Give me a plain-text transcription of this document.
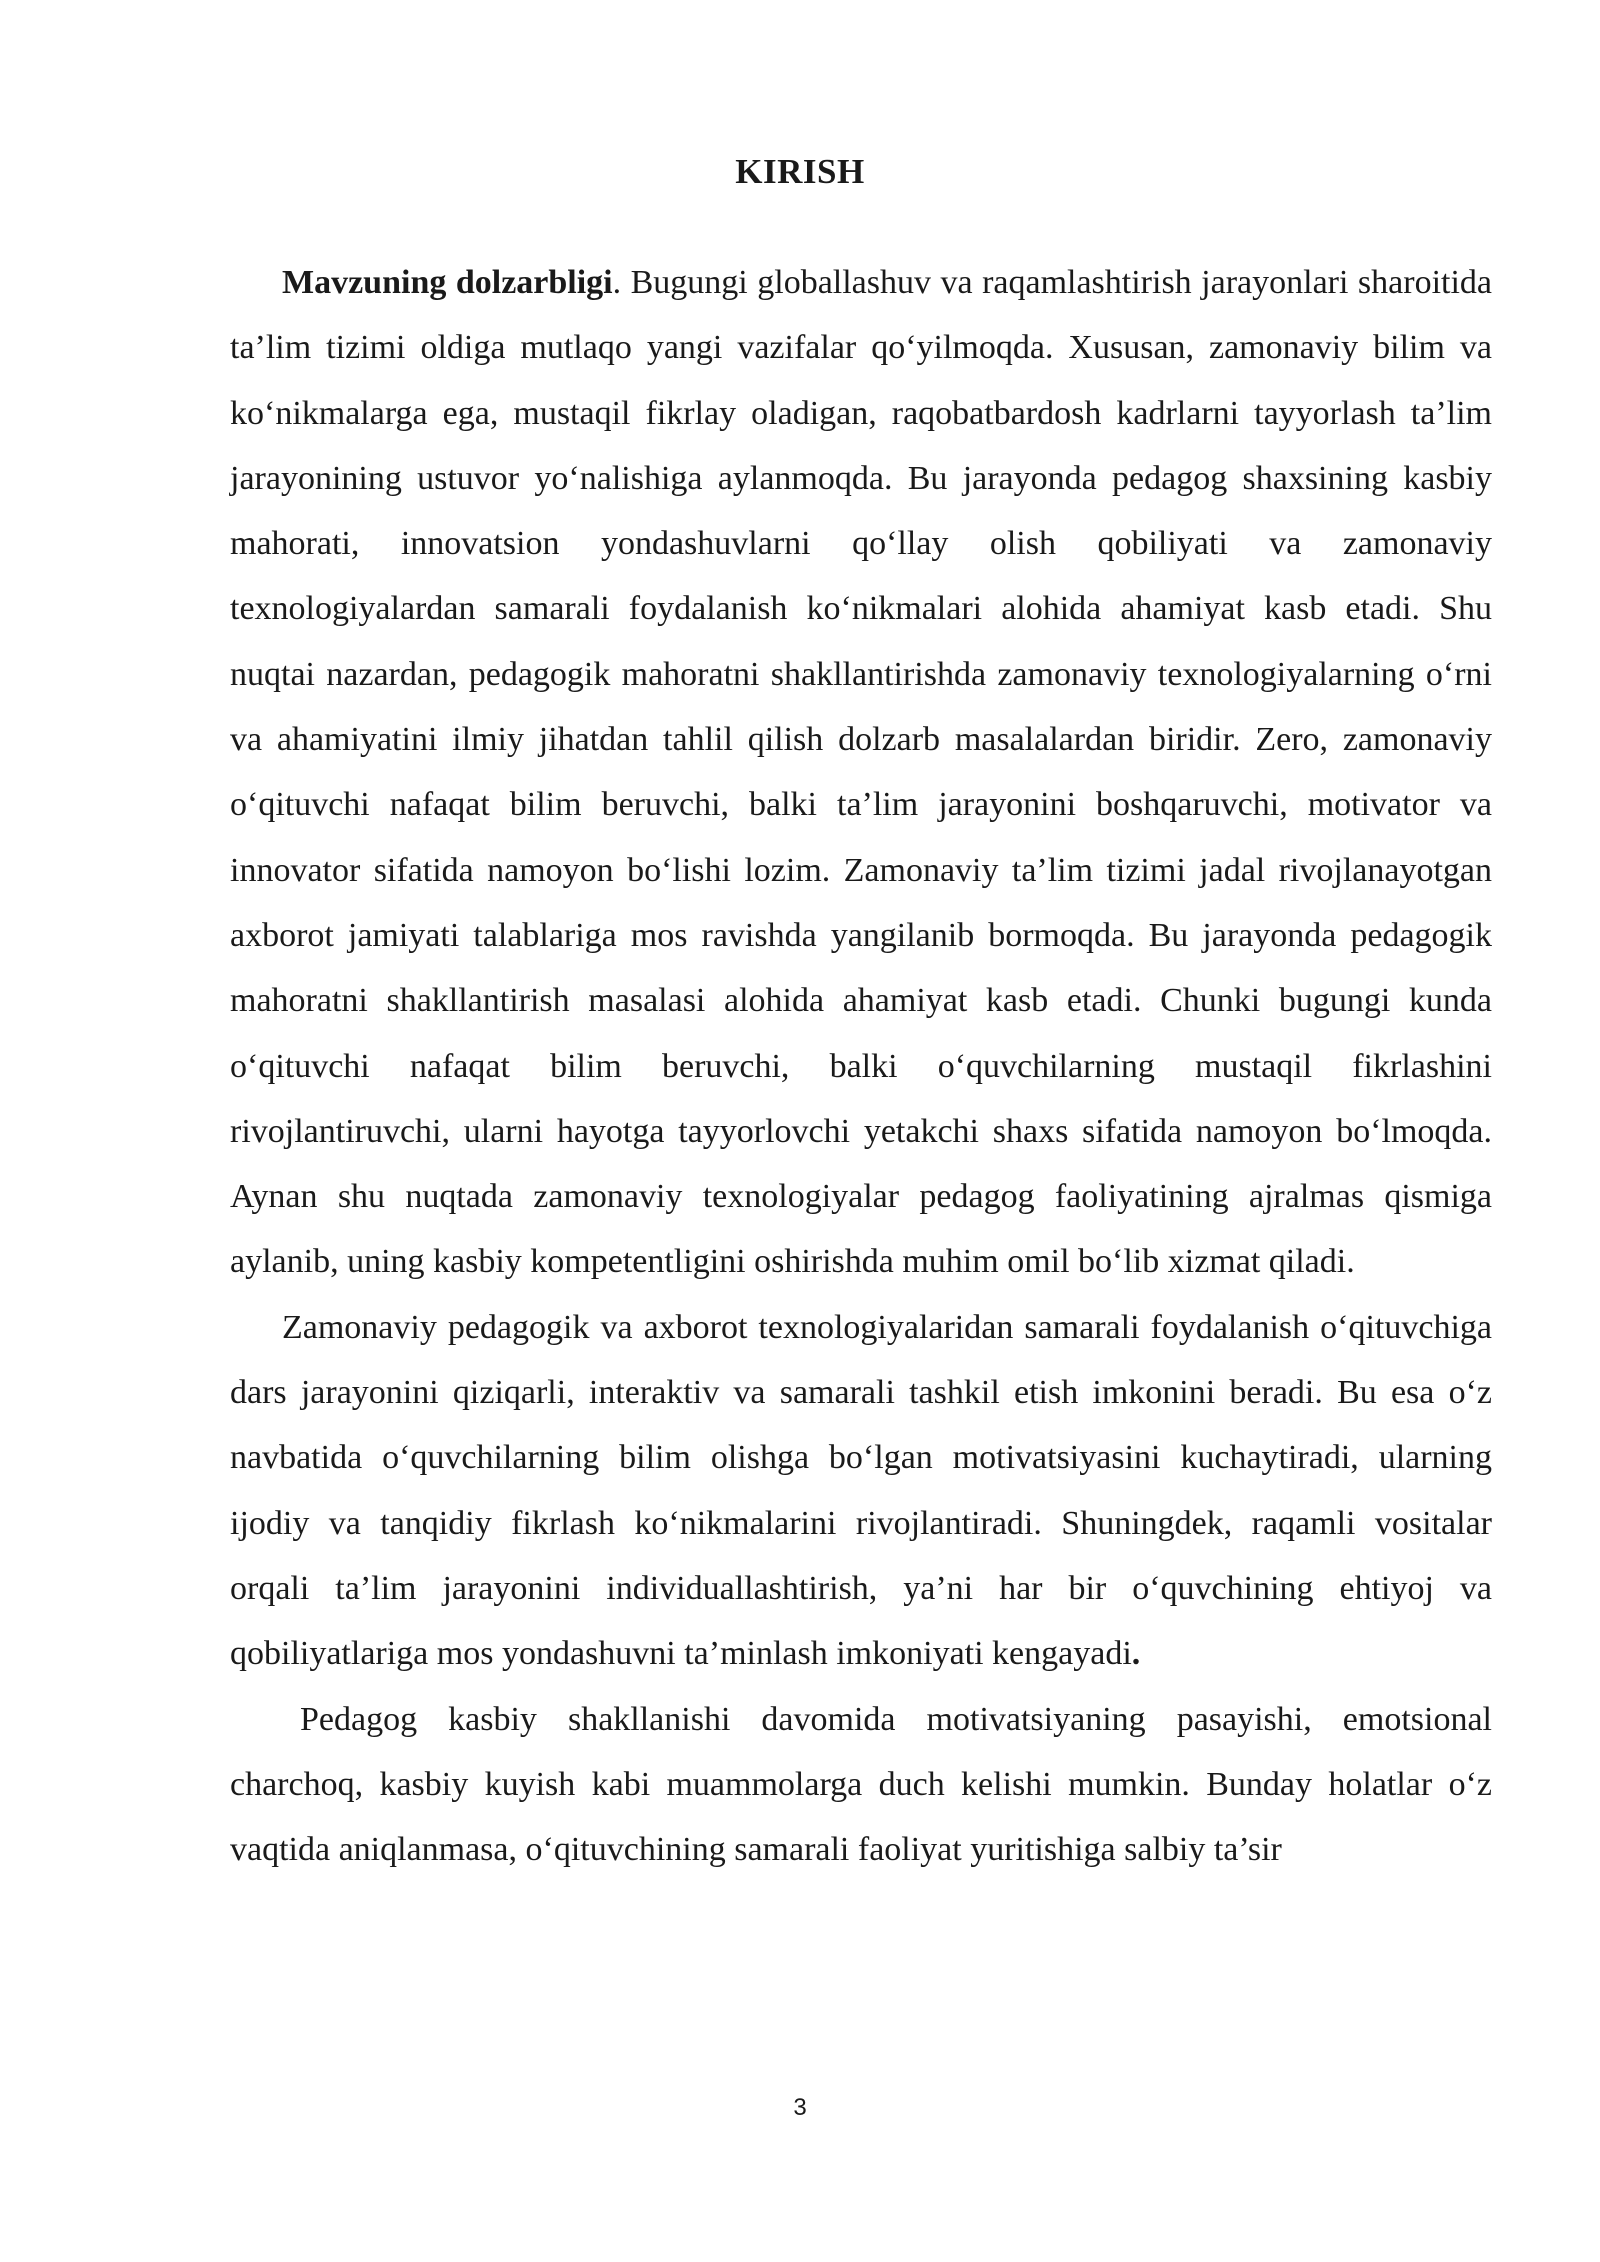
KIRISH

Mavzuning dolzarbligi. Bugungi globallashuv va raqamlashtirish jarayonlari sharoitida ta’lim tizimi oldiga mutlaqo yangi vazifalar qo‘yilmoqda. Xususan, zamonaviy bilim va ko‘nikmalarga ega, mustaqil fikrlay oladigan, raqobatbardosh kadrlarni tayyorlash ta’lim jarayonining ustuvor yo‘nalishiga aylanmoqda. Bu jarayonda pedagog shaxsining kasbiy mahorati, innovatsion yondashuvlarni qo‘llay olish qobiliyati va zamonaviy texnologiyalardan samarali foydalanish ko‘nikmalari alohida ahamiyat kasb etadi. Shu nuqtai nazardan, pedagogik mahoratni shakllantirishda zamonaviy texnologiyalarning o‘rni va ahamiyatini ilmiy jihatdan tahlil qilish dolzarb masalalardan biridir. Zero, zamonaviy o‘qituvchi nafaqat bilim beruvchi, balki ta’lim jarayonini boshqaruvchi, motivator va innovator sifatida namoyon bo‘lishi lozim. Zamonaviy ta’lim tizimi jadal rivojlanayotgan axborot jamiyati talablariga mos ravishda yangilanib bormoqda. Bu jarayonda pedagogik mahoratni shakllantirish masalasi alohida ahamiyat kasb etadi. Chunki bugungi kunda o‘qituvchi nafaqat bilim beruvchi, balki o‘quvchilarning mustaqil fikrlashini rivojlantiruvchi, ularni hayotga tayyorlovchi yetakchi shaxs sifatida namoyon bo‘lmoqda. Aynan shu nuqtada zamonaviy texnologiyalar pedagog faoliyatining ajralmas qismiga aylanib, uning kasbiy kompetentligini oshirishda muhim omil bo‘lib xizmat qiladi.

Zamonaviy pedagogik va axborot texnologiyalaridan samarali foydalanish o‘qituvchiga dars jarayonini qiziqarli, interaktiv va samarali tashkil etish imkonini beradi. Bu esa o‘z navbatida o‘quvchilarning bilim olishga bo‘lgan motivatsiyasini kuchaytiradi, ularning ijodiy va tanqidiy fikrlash ko‘nikmalarini rivojlantiradi. Shuningdek, raqamli vositalar orqali ta’lim jarayonini individuallashtirish, ya’ni har bir o‘quvchining ehtiyoj va qobiliyatlariga mos yondashuvni ta’minlash imkoniyati kengayadi.

Pedagog kasbiy shakllanishi davomida motivatsiyaning pasayishi, emotsional charchoq, kasbiy kuyish kabi muammolarga duch kelishi mumkin. Bunday holatlar o‘z vaqtida aniqlanmasa, o‘qituvchining samarali faoliyat yuritishiga salbiy ta’sir

3
